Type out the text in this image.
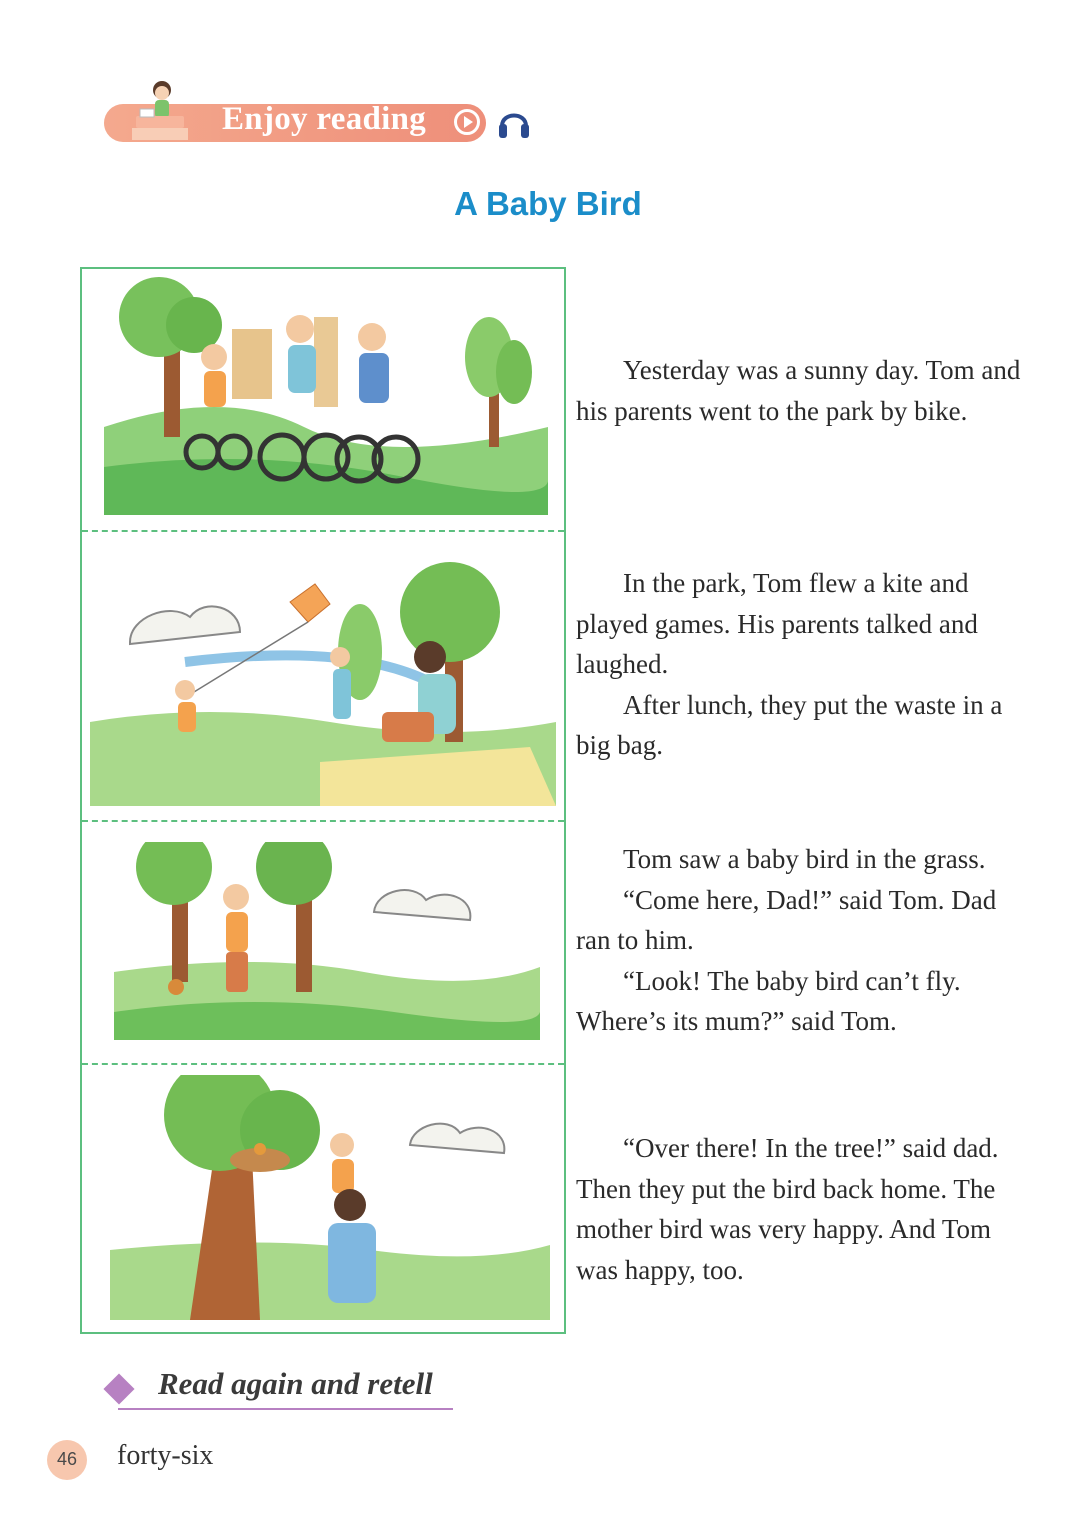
Enjoy reading
A Baby Bird

Yesterday was a sunny day. Tom and his parents went to the park by bike.

In the park, Tom flew a kite and played games. His parents talked and laughed.

After lunch, they put the waste in a big bag.

Tom saw a baby bird in the grass.

“Come here, Dad!” said Tom. Dad ran to him.

“Look! The baby bird can’t fly. Where’s its mum?” said Tom.

“Over there! In the tree!” said dad. Then they put the bird back home. The mother bird was very happy. And Tom was happy, too.

Read again and retell
46	forty-six
